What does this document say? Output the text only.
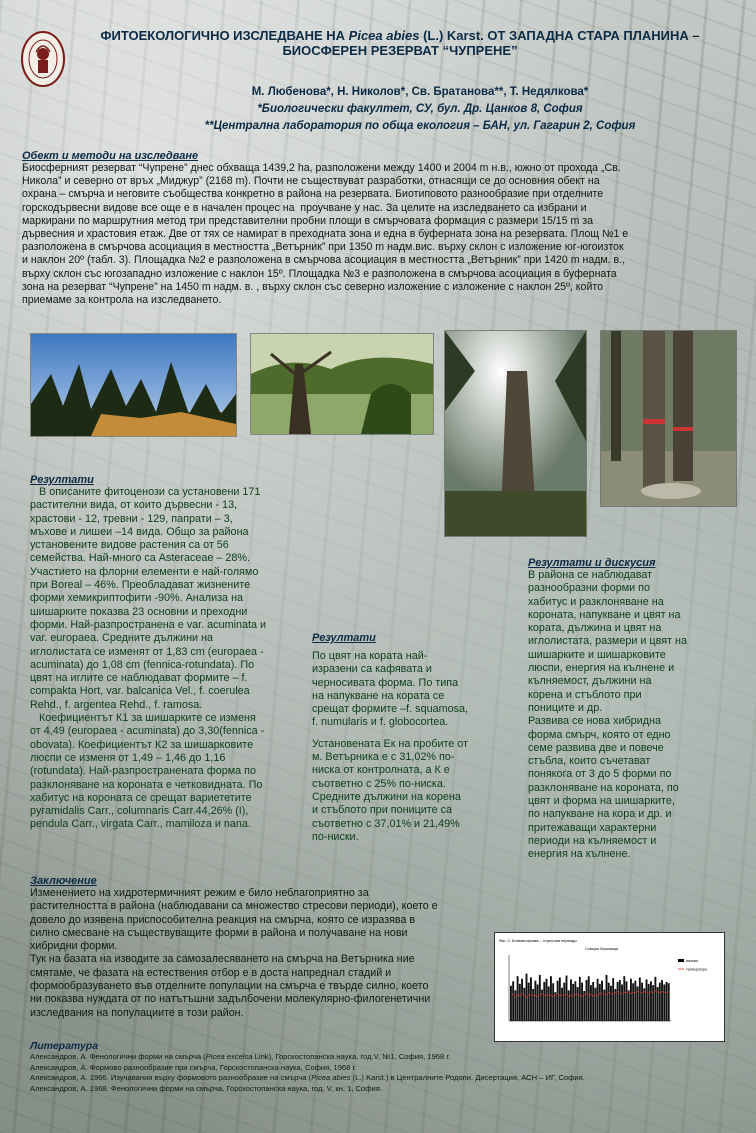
ФИТОЕКОЛОГИЧНО ИЗСЛЕДВАНЕ НА Picea abies (L.) Karst. ОТ ЗАПАДНА СТАРА ПЛАНИНА –
БИОСФЕРЕН РЕЗЕРВАТ “ЧУПРЕНЕ”
М. Любенова*, Н. Николов*, Св. Братанова**, Т. Недялкова*
*Биологически факултет, СУ, бул. Др. Цанков 8, София
**Централна лаборатория по обща екология – БАН, ул. Гагарин 2, София
Обект и методи на изследване
Биосферният резерват “Чупрене” днес обхваща 1439,2 ha, разположени между 1400 и 2004 m н.в., южно от прохода „Св.
Никола” и северно от връх „Миджур” (2168 m). Почти не съществуват разработки, отнасящи се до основния обект на
охрана – смърча и неговите съобщества конкретно в района на резервата. Биотиповото разнообразие при отделните
горскодървесни видове все още е в начален процес на  проучване у нас. За целите на изследването са избрани и
маркирани по маршрутния метод три представителни пробни площи в смърчовата формация с размери 15/15 m за
дървесния и храстовия етаж. Две от тях се намират в преходната зона и една в буферната зона на резервата. Площ №1 е
разположена в смърчова асоциация в местността „Ветърник” при 1350 m надм.вис. върху склон с изложение юг-югоизток
и наклон 20º (табл. 3). Площадка №2 е разположена в смърчова асоциация в местността „Ветърник” при 1420 m надм. в.,
върху склон със югозападно изложение с наклон 15º. Площадка №3 е разположена в смърчова асоциация в буферната
зона на резерват “Чупрене” на 1450 m надм. в. , върху склон със северно изложение с изложение с наклон 25º, който
приемаме за контрола на изследването.
Резултати
В описаните фитоценози са установени 171
растителни вида, от които дървесни - 13,
храстови - 12, тревни - 129, папрати – 3,
мъхове и лишеи –14 вида. Общо за района
установените видове растения са от 56
семейства. Най-много са Asteraceae – 28%.
Участието на флорни елементи е най-голямо
при Boreal – 46%. Преобладават жизнените
форми хемикриптофити -90%. Анализа на
шишарките показва 23 основни и преходни
форми. Най-разпространена е var. acuminata и
var. europaea. Средните дължини на
иглолистата се изменят от 1,83 cm (europaea -
acuminata) до 1,08 cm (fennica-rotundata). По
цвят на иглите се наблюдават формите – f.
compakta Hort, var. balcanica Vel., f. coerulea
Rehd., f. argentea Rehd., f. ramosa.
Коефициентът К1 за шишарките се изменя
от 4,49 (europaea - acuminata) до 3,30(fennica -
obovata). Коефициентът К2 за шишарковите
люспи се изменя от 1,49 – 1,46 до 1,16
(rotundata). Най-разпространената форма по
разклоняване на короната е четковидната. По
хабитус на короната се срещат вариететите
pyramidalis Carr., columnaris Carr.44,26% (I),
pendula Carr., virgata Carr., mamiloza и nana.
Резултати
По цвят на кората най-
изразени са кафявата и
черносивата форма. По типа
на напукване на кората се
срещат формите –f. squamosa,
f. numularis и f. globocortea.
Установената Ек на пробите от
м. Ветърника е с 31,02% по-
ниска от контролната, а К е
съответно с 25% по-ниска.
Средните дължини на корена
и стъблото при пониците са
съответно с 37,01% и 21,49%
по-ниски.
Резултати и дискусия
В района се наблюдават
разнообразни форми по
хабитус и разклоняване на
короната, напукване и цвят на
кората, дължина и цвят на
иглолистата, размери и цвят на
шишарките и шишарковите
люспи, енергия на кълнене и
кълняемост, дължини на
корена и стъблото при
пониците и др.
Развива се нова хибридна
форма смърч, която от едно
семе развива две и повече
стъбла, които съчетават
понякога от 3 до 5 форми по
разклоняване на короната, по
цвят и форма на шишарките,
по напукване на кора и др. и
притежаващи характерни
периоди на кълняемост и
енергия на кълнене.
Заключение
Изменението на хидротермичният режим е било неблагоприятно за
растителността в района (наблюдавани са множество стресови периоди), което е
довело до изявена приспособителна реакция на смърча, която се изразява в
силно смесване на съществуващите форми в района и получаване на нови
хибридни форми.
Тук на базата на изводите за самозалесяването на смърча на Ветърника ние
смятаме, че фазата на естествения отбор е в доста напреднал стадий и
формообразуването във отделните популации на смърча е твърде силно, което
ни показва нуждата от по натътъшни задълбочени молекулярно-филогенетични
изследвания на популациите в този район.
Фиг. 2. Климатограма – стресови периоди
Станция Берковица
валежи
температура
Литература
Александров, А. Фенологични форми на смърча (Picea excelsa Link), Горскостопанска наука, год.V, №1, София, 1968 г.
Александров, А. Формово разнообразие при смърча, Горскостопанска наука, София, 1968 г.
Александров, А. 1966. Изучавания върху формовото разнообразие на смърча (Picea abies (L.) Karst.) в Централните Родопи. Дисертация, АСН – ИГ, София.
Александров, А. 1968. Фенологични форми на смърча. Горскостопанска наука, год. V, кн. 1, София.
